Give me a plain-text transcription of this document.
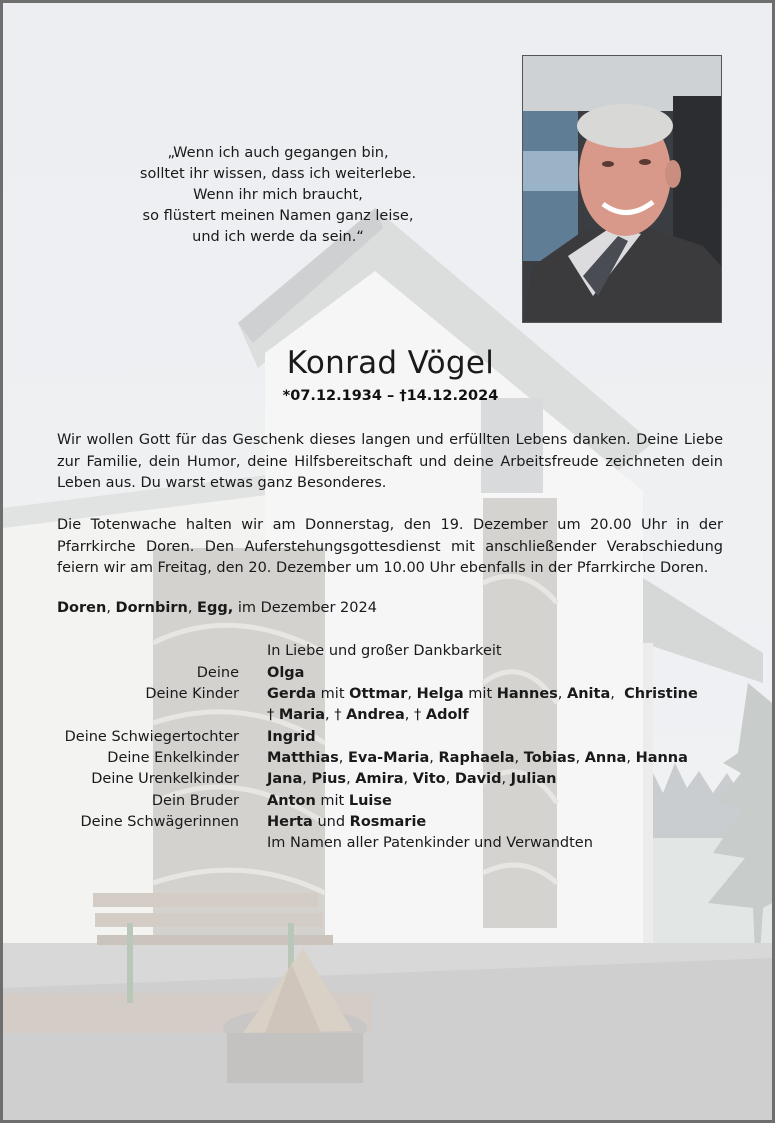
„Wenn ich auch gegangen bin,
solltet ihr wissen, dass ich weiterlebe.
Wenn ihr mich braucht,
so flüstert meinen Namen ganz leise,
und ich werde da sein.“
Konrad Vögel
*07.12.1934 – †14.12.2024
Wir wollen Gott für das Geschenk dieses langen und erfüllten Lebens danken. Deine Liebe zur Familie, dein Humor, deine Hilfsbereitschaft und deine Arbeitsfreude zeichneten dein Leben aus. Du warst etwas ganz Besonderes.
Die Totenwache halten wir am Donnerstag, den 19. Dezember um 20.00 Uhr in der Pfarrkirche Doren. Den Auferstehungsgottesdienst mit anschließender Verabschiedung feiern wir am Freitag, den 20. Dezember um 10.00 Uhr ebenfalls in der Pfarrkirche Doren.
Doren, Dornbirn, Egg, im Dezember 2024
In Liebe und großer Dankbarkeit
Deine Olga
Deine Kinder Gerda mit Ottmar, Helga mit Hannes, Anita,  Christine
† Maria, † Andrea, † Adolf
Deine Schwiegertochter Ingrid
Deine Enkelkinder Matthias, Eva-Maria, Raphaela, Tobias, Anna, Hanna
Deine Urenkelkinder Jana, Pius, Amira, Vito, David, Julian
Dein Bruder Anton mit Luise
Deine Schwägerinnen Herta und Rosmarie
Im Namen aller Patenkinder und Verwandten
